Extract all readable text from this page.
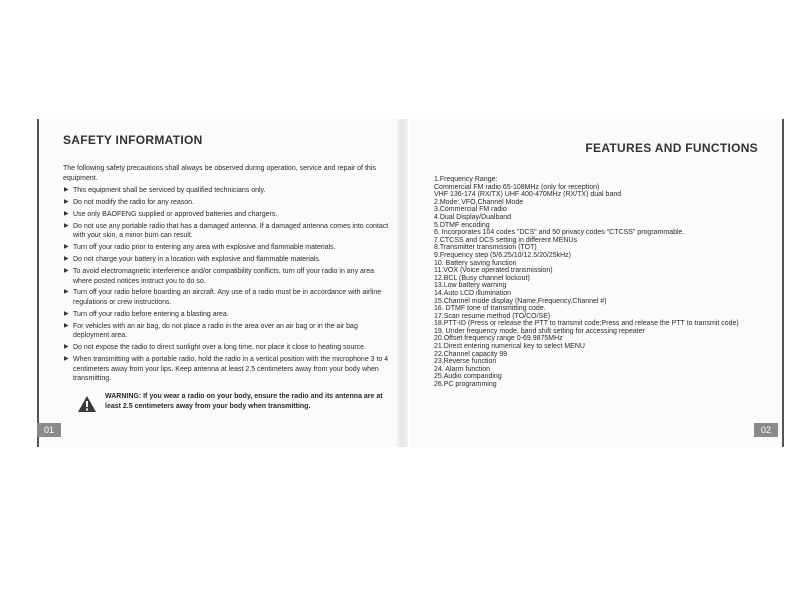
SAFETY INFORMATION

The following safety precautions shall always be observed during operation, service and repair of this equipment.

▶ This equipment shall be serviced by qualified technicians only.
▶ Do not modify the radio for any reason.
▶ Use only BAOFENG supplied or approved batteries and chargers.
▶ Do not use any portable radio that has a damaged antenna. If a damaged antenna comes into contact with your skin, a minor burn can result.
▶ Turn off your radio prior to entering any area with explosive and flammable materials.
▶ Do not charge your battery in a location with explosive and flammable materials.
▶ To avoid electromagnetic interference and/or compatibility conflicts, turn off your radio in any area where posted notices instruct you to do so.
▶ Turn off your radio before boarding an aircraft. Any use of a radio must be in accordance with airline regulations or crew instructions.
▶ Turn off your radio before entering a blasting area.
▶ For vehicles with an air bag, do not place a radio in the area over an air bag or in the air bag deployment area.
▶ Do not expose the radio to direct sunlight over a long time, nor place it close to heating source.
▶ When transmitting with a portable radio, hold the radio in a vertical position with the microphone 3 to 4 centimeters away from your lips. Keep antenna at least 2.5 centimeters away from your body when transmitting.

WARNING: If you wear a radio on your body, ensure the radio and its antenna are at least 2.5 centimeters away from your body when transmitting.

01
FEATURES AND FUNCTIONS
1.Frequency Range:
Commercial FM radio 65-108MHz (only for reception)
VHF 136-174 (RX/TX) UHF 400-470MHz (RX/TX) dual band
2.Mode: VFO,Channel Mode
3.Commercial FM radio
4.Dual Display/Dualband
5.DTMF encoding
6. Incorporates 104 codes "DCS" and 50 privacy codes "CTCSS" programmable.
7.CTCSS and DCS setting in different MENUs
8.Transmitter transmission (TOT)
9.Frequency step (5/6.25/10/12.5/20/25kHz)
10. Battery saving function
11.VOX (Voice operated transmission)
12.BCL (Busy channel lockout)
13.Low battery warning
14.Auto LCD illumination
15.Channel mode display (Name,Frequency,Channel #)
16. DTMF tone of transmitting code.
17.Scan resume method (TO/CO/SE)
18.PTT-ID (Press or release the PTT to transmit code;Press and release the PTT to transmit code)
19. Under frequency mode, band shift setting for accessing repeater
20.Offset frequency range 0-69.9875MHz
21.Direct entering numerical key to select MENU
22.Channel capacity 99
23.Reverse function
24. Alarm function
25.Audio companding
26.PC programming
02
